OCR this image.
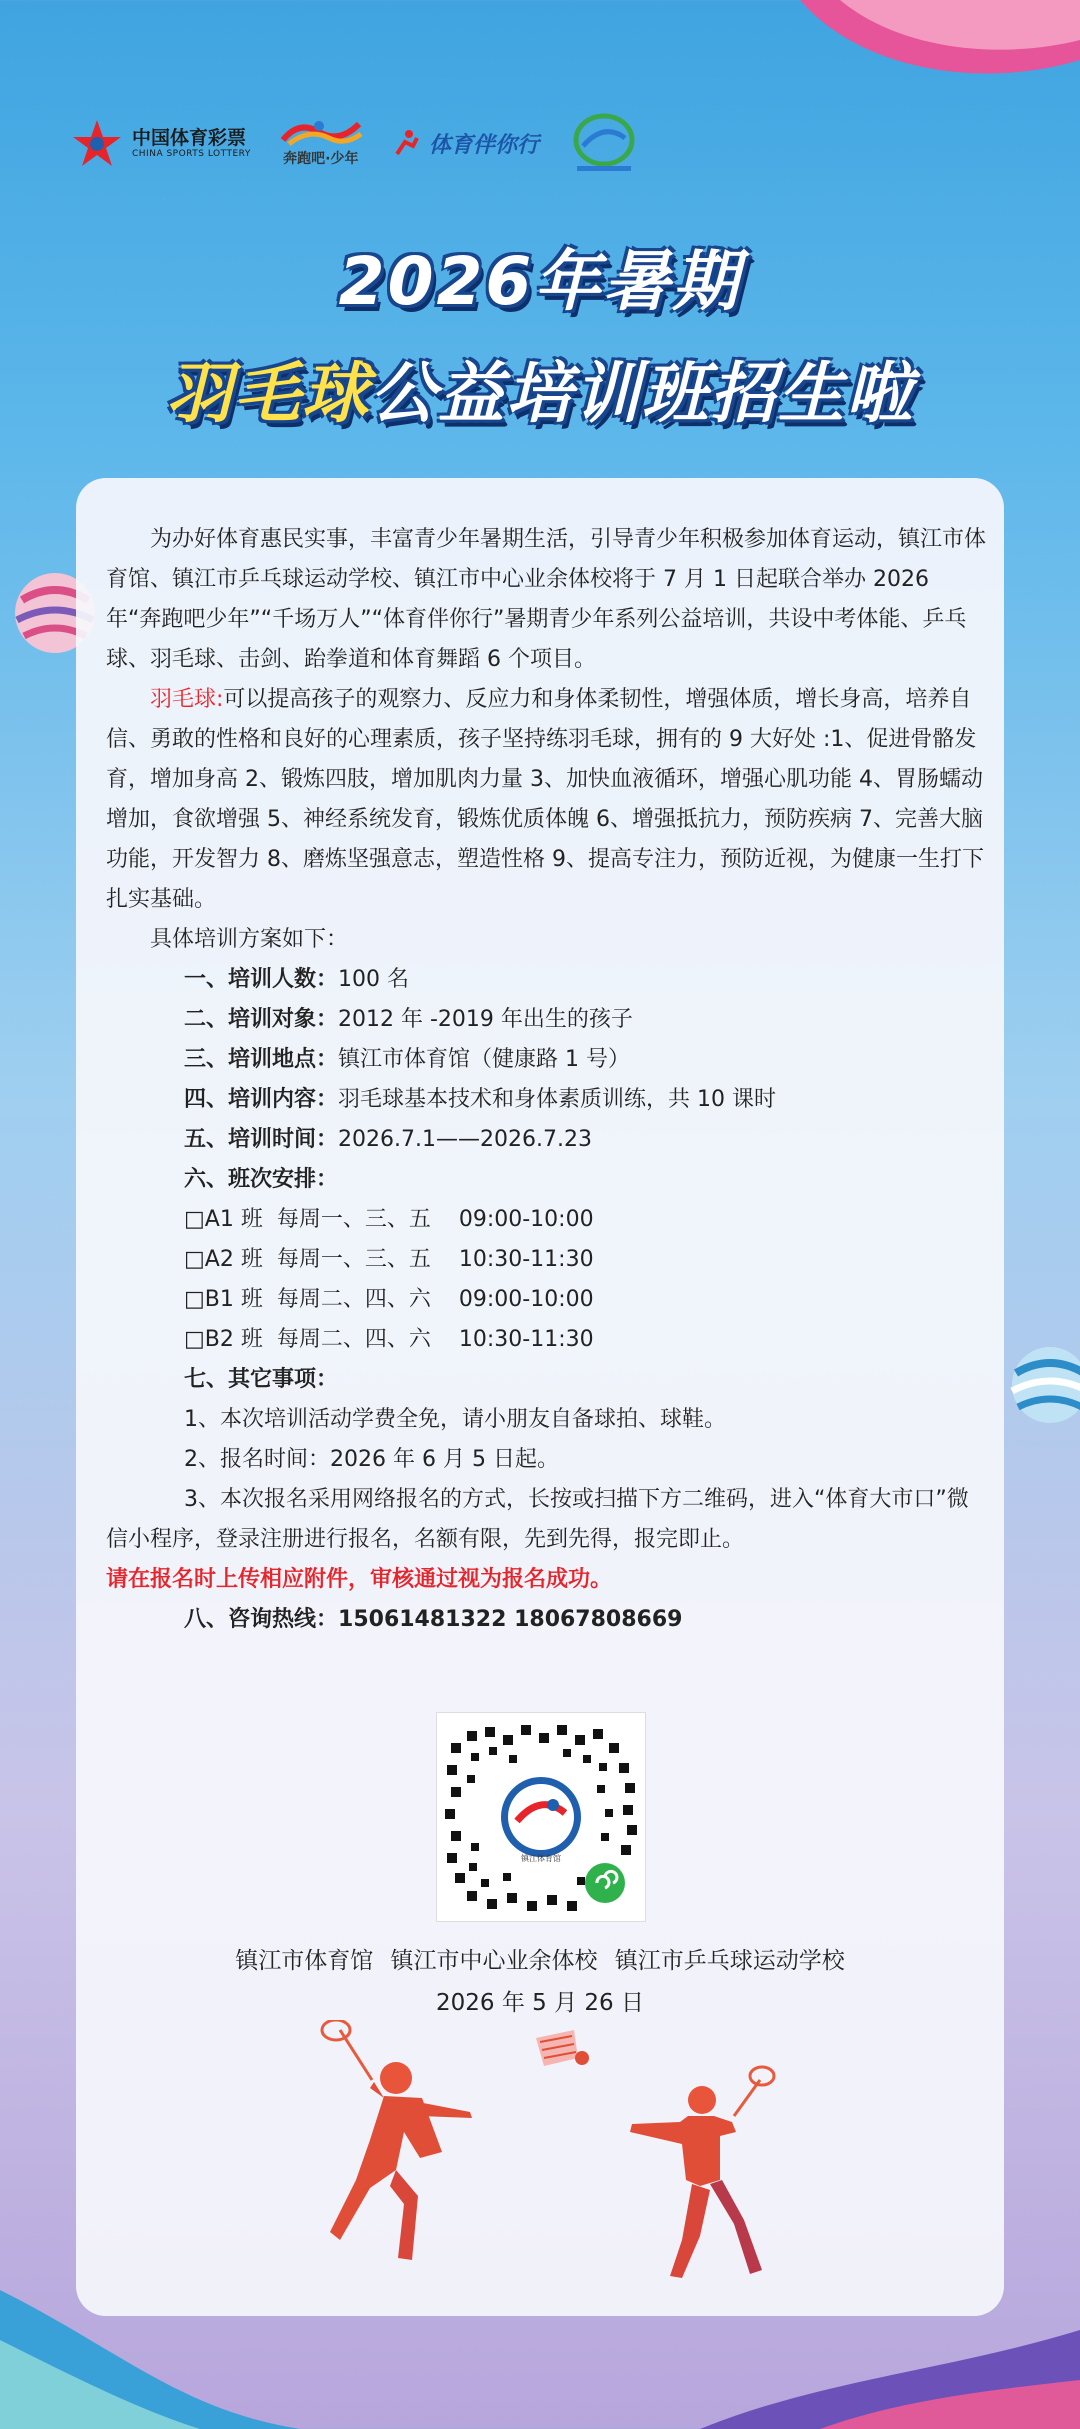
中国体育彩票
CHINA SPORTS LOTTERY 奔跑吧·少年
体育伴你行
2026年暑期
羽毛球公益培训班招生啦

为办好体育惠民实事，丰富青少年暑期生活，引导青少年积极参加体育运动，镇江市体育馆、镇江市乒乓球运动学校、镇江市中心业余体校将于 7 月 1 日起联合举办 2026 年“奔跑吧少年”“千场万人”“体育伴你行”暑期青少年系列公益培训，共设中考体能、乒乓球、羽毛球、击剑、跆拳道和体育舞蹈 6 个项目。

羽毛球:可以提高孩子的观察力、反应力和身体柔韧性，增强体质，增长身高，培养自信、勇敢的性格和良好的心理素质，孩子坚持练羽毛球，拥有的 9 大好处 :1、促进骨骼发育，增加身高 2、锻炼四肢，增加肌肉力量 3、加快血液循环，增强心肌功能 4、胃肠蠕动增加，食欲增强 5、神经系统发育，锻炼优质体魄 6、增强抵抗力，预防疾病 7、完善大脑功能，开发智力 8、磨炼坚强意志，塑造性格 9、提高专注力，预防近视，为健康一生打下扎实基础。

具体培训方案如下：

一、培训人数：100 名

二、培训对象：2012 年 -2019 年出生的孩子

三、培训地点：镇江市体育馆（健康路 1 号）

四、培训内容：羽毛球基本技术和身体素质训练，共 10 课时

五、培训时间：2026.7.1——2026.7.23

六、班次安排：

□A1 班 每周一、三、五 09:00-10:00

□A2 班 每周一、三、五 10:30-11:30

□B1 班 每周二、四、六 09:00-10:00

□B2 班 每周二、四、六 10:30-11:30

七、其它事项：

1、本次培训活动学费全免，请小朋友自备球拍、球鞋。

2、报名时间：2026 年 6 月 5 日起。

3、本次报名采用网络报名的方式，长按或扫描下方二维码，进入“体育大市口”微信小程序，登录注册进行报名，名额有限，先到先得，报完即止。

请在报名时上传相应附件，审核通过视为报名成功。

八、咨询热线：15061481322 18067808669

镇江体育馆
镇江市体育馆 镇江市中心业余体校 镇江市乒乓球运动学校
2026 年 5 月 26 日
